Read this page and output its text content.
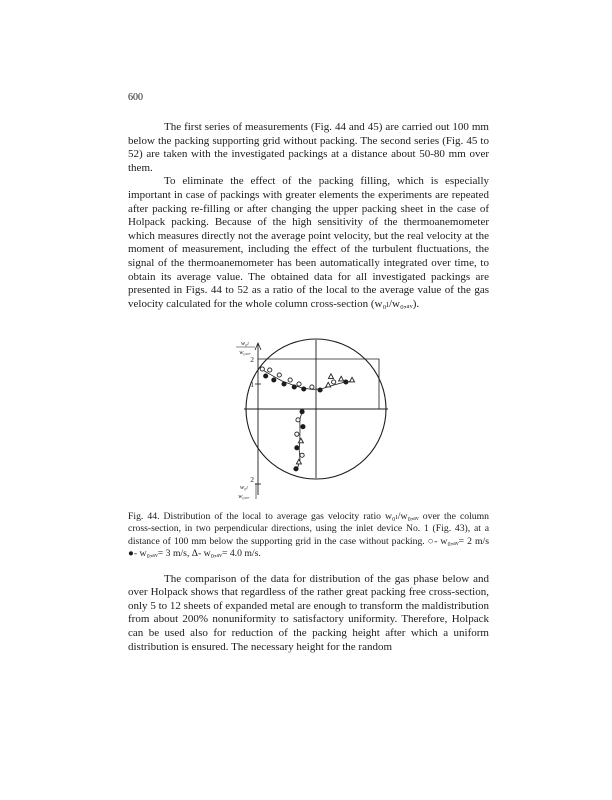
600

The first series of measurements (Fig. 44 and 45) are carried out 100 mm below the packing supporting grid without packing. The second series (Fig. 45 to 52) are taken with the investigated packings at a distance about 50-80 mm over them.

To eliminate the effect of the packing filling, which is especially important in case of packings with greater elements the experiments are repeated after packing re-filling or after changing the upper packing sheet in the case of Holpack packing. Because of the high sensitivity of the thermoanemometer which measures directly not the average point velocity, but the real velocity at the moment of measurement, including the effect of the turbulent fluctuations, the signal of the thermoanemometer has been automatically integrated over time, to obtain its average value. The obtained data for all investigated packings are presented in Figs. 44 to 52 as a ratio of the local to the average value of the gas velocity calculated for the whole column cross-section (w₀ₗ/w₀,ₐᵥ).

w₀ₗ
w₀,ₐᵥ
2
1
2
w₀ₗ
w₀,ₐᵥ

Fig. 44. Distribution of the local to average gas velocity ratio w₀ₗ/w₀,ₐᵥ over the column cross-section, in two perpendicular directions, using the inlet device No. 1 (Fig. 43), at a distance of 100 mm below the supporting grid in the case without packing. ○- w₀,ₐᵥ= 2 m/s ●- w₀,ₐᵥ= 3 m/s, Δ- w₀,ₐᵥ= 4.0 m/s.

The comparison of the data for distribution of the gas phase below and over Holpack shows that regardless of the rather great packing free cross-section, only 5 to 12 sheets of expanded metal are enough to transform the maldistribution from about 200% nonuniformity to satisfactory uniformity. Therefore, Holpack can be used also for reduction of the packing height after which a uniform distribution is ensured. The necessary height for the random
